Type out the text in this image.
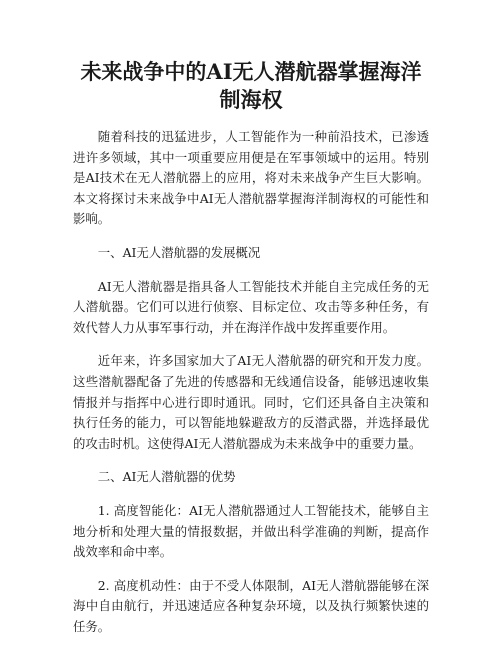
未来战争中的AI无人潜航器掌握海洋制海权

随着科技的迅猛进步，人工智能作为一种前沿技术，已渗透进许多领域，其中一项重要应用便是在军事领域中的运用。特别是AI技术在无人潜航器上的应用，将对未来战争产生巨大影响。本文将探讨未来战争中AI无人潜航器掌握海洋制海权的可能性和影响。

一、AI无人潜航器的发展概况

AI无人潜航器是指具备人工智能技术并能自主完成任务的无人潜航器。它们可以进行侦察、目标定位、攻击等多种任务，有效代替人力从事军事行动，并在海洋作战中发挥重要作用。

近年来，许多国家加大了AI无人潜航器的研究和开发力度。这些潜航器配备了先进的传感器和无线通信设备，能够迅速收集情报并与指挥中心进行即时通讯。同时，它们还具备自主决策和执行任务的能力，可以智能地躲避敌方的反潜武器，并选择最优的攻击时机。这使得AI无人潜航器成为未来战争中的重要力量。

二、AI无人潜航器的优势

1. 高度智能化：AI无人潜航器通过人工智能技术，能够自主地分析和处理大量的情报数据，并做出科学准确的判断，提高作战效率和命中率。

2. 高度机动性：由于不受人体限制，AI无人潜航器能够在深海中自由航行，并迅速适应各种复杂环境，以及执行频繁快速的任务。
